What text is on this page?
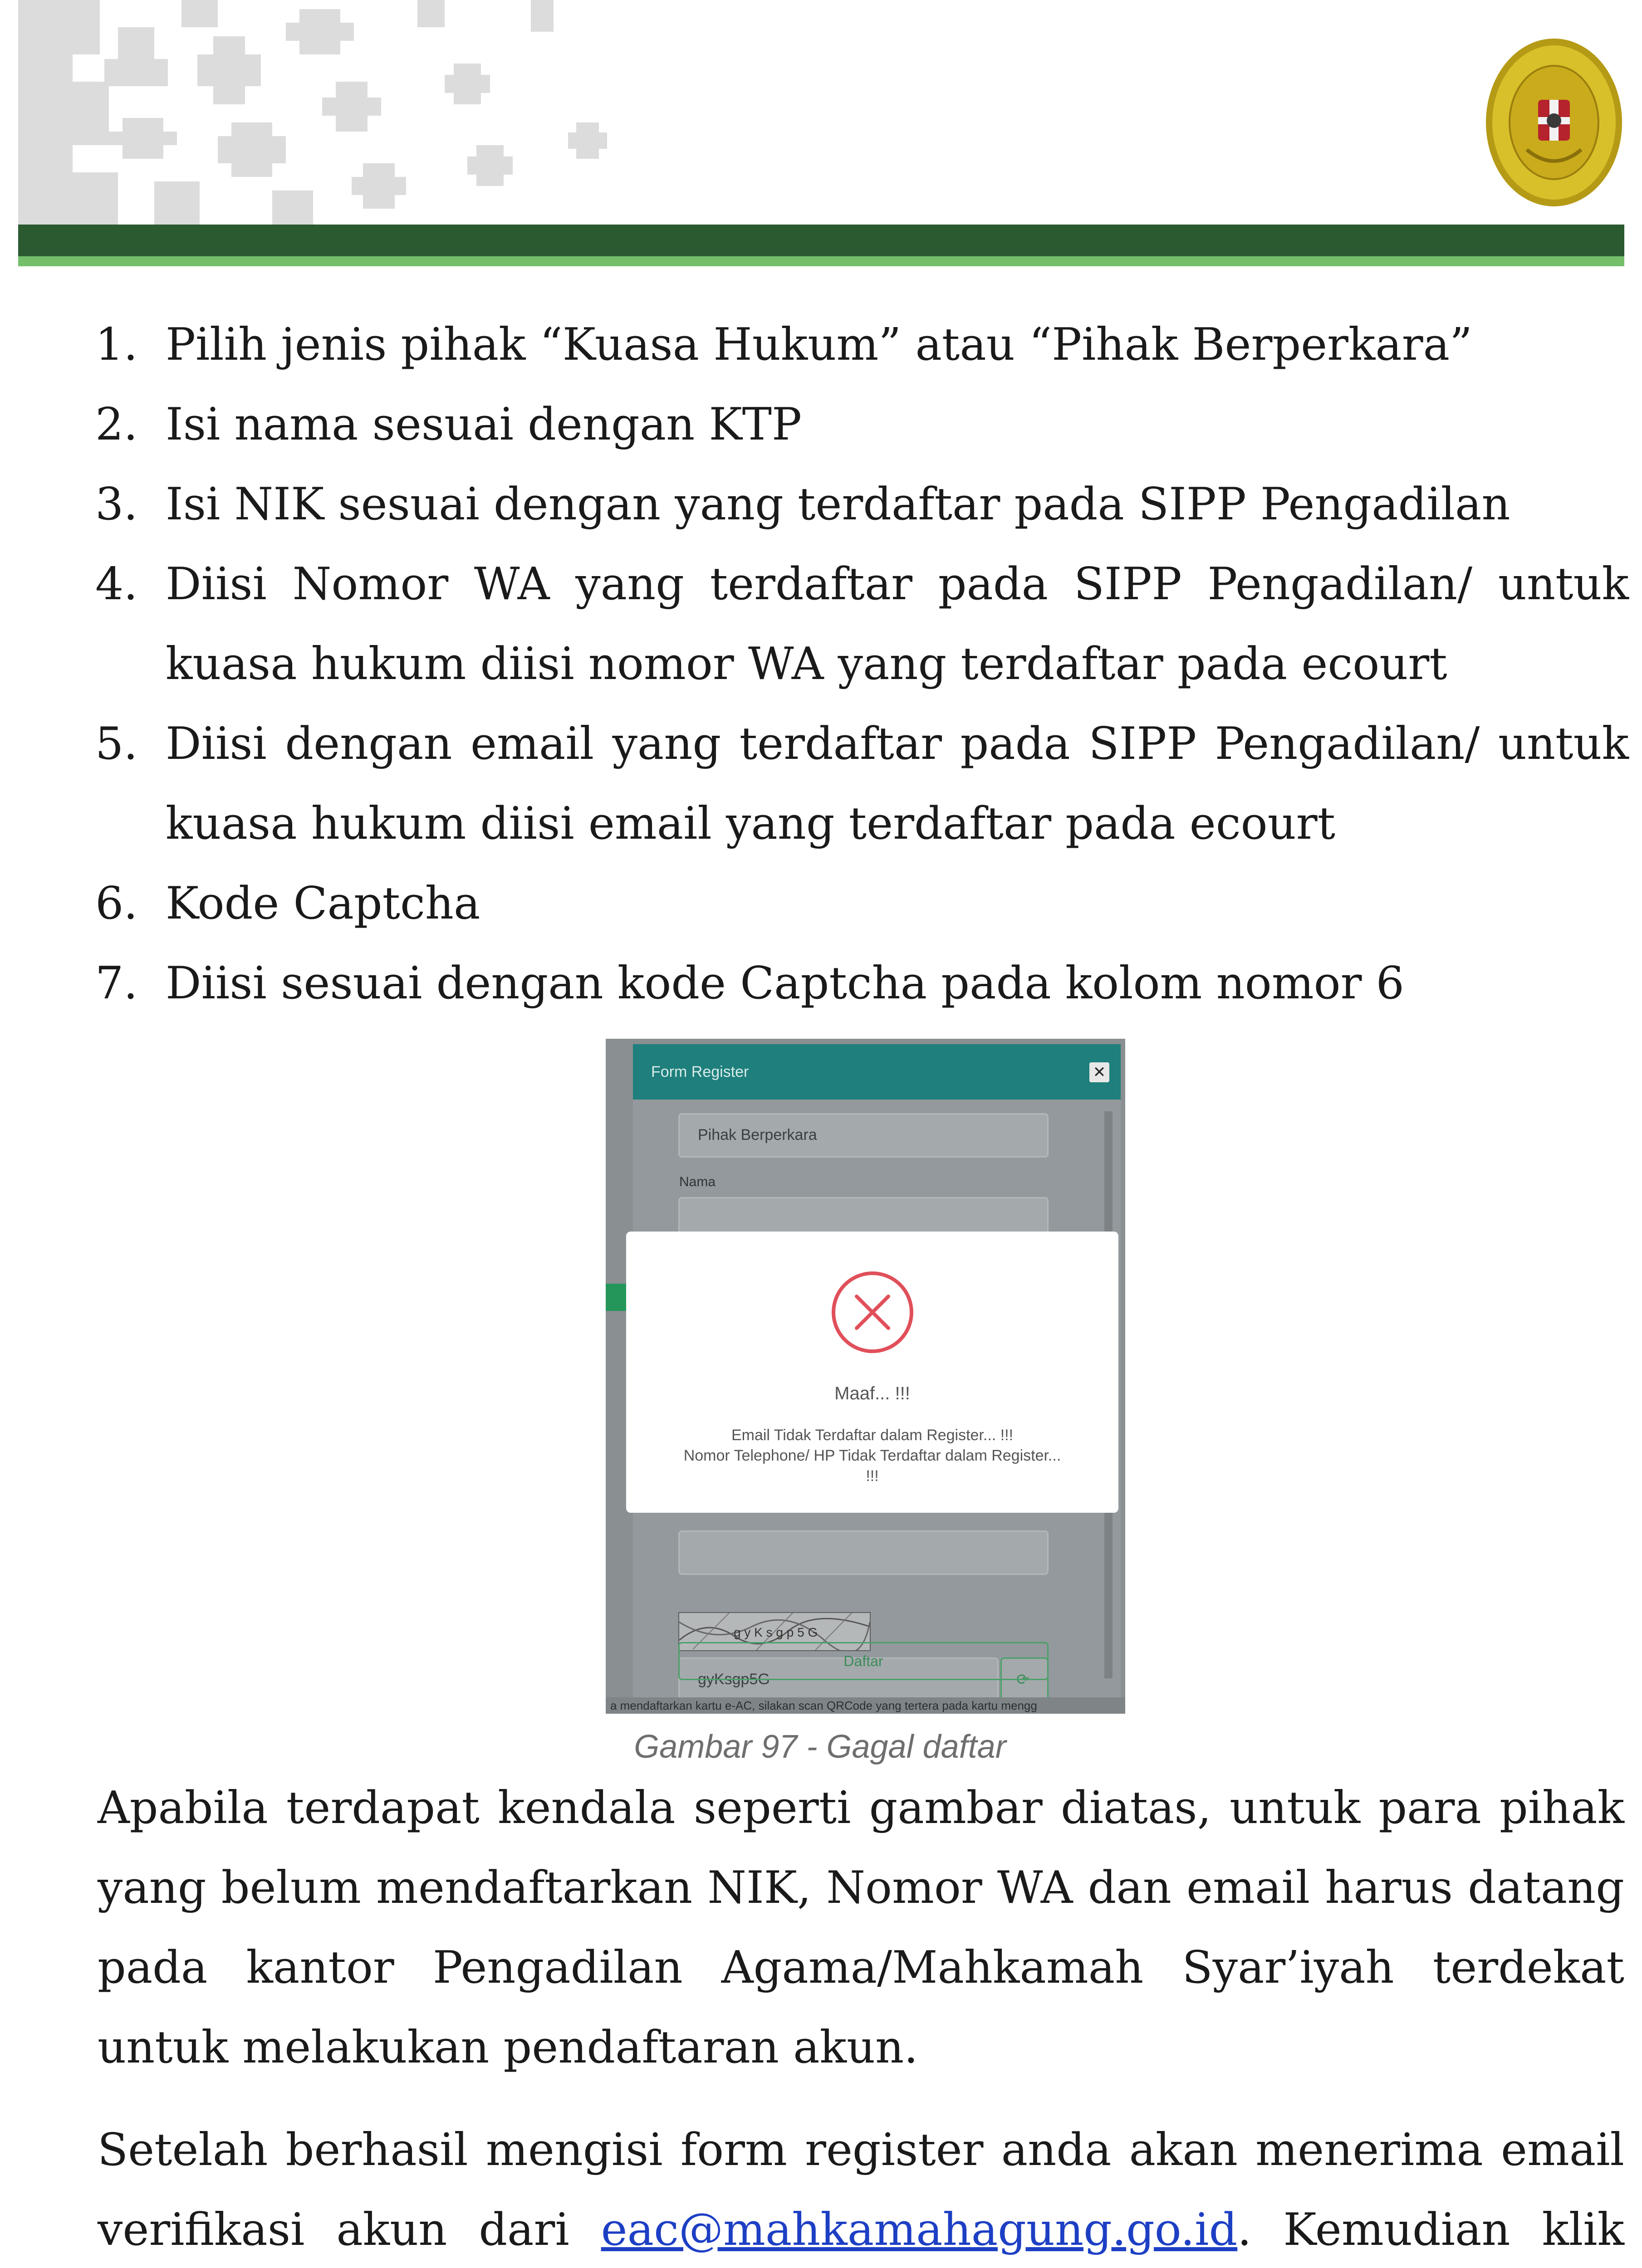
1. Pilih jenis pihak “Kuasa Hukum” atau “Pihak Berperkara”
2. Isi nama sesuai dengan KTP
3. Isi NIK sesuai dengan yang terdaftar pada SIPP Pengadilan
4. Diisi Nomor WA yang terdaftar pada SIPP Pengadilan/ untuk kuasa hukum diisi nomor WA yang terdaftar pada ecourt
5. Diisi dengan email yang terdaftar pada SIPP Pengadilan/ untuk kuasa hukum diisi email yang terdaftar pada ecourt
6. Kode Captcha
7. Diisi sesuai dengan kode Captcha pada kolom nomor 6
Form Register	✕
Pihak Berperkara
Nama
g y K s g p 5 G
gyKsgp5G	⟳
Daftar
a mendaftarkan kartu e-AC, silakan scan QRCode yang tertera pada kartu mengg
Maaf... !!!
Email Tidak Terdaftar dalam Register... !!!
Nomor Telephone/ HP Tidak Terdaftar dalam Register...
!!!
Gambar 97 - Gagal daftar

Apabila terdapat kendala seperti gambar diatas, untuk para pihak yang belum mendaftarkan NIK, Nomor WA dan email harus datang pada kantor Pengadilan Agama/Mahkamah Syar’iyah terdekat untuk melakukan pendaftaran akun.

Setelah berhasil mengisi form register anda akan menerima email verifikasi akun dari eac@mahkamahagung.go.id. Kemudian klik
